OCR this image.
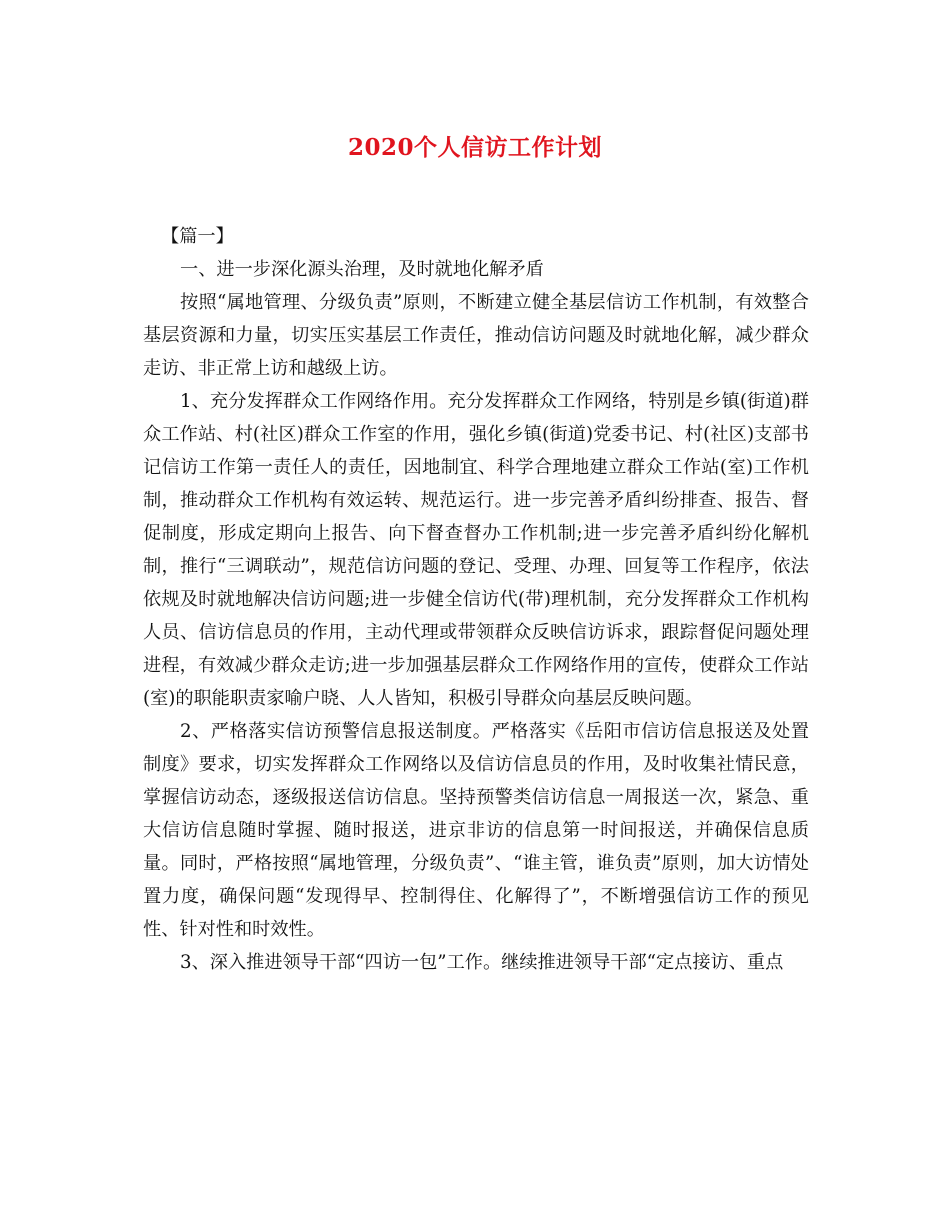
2020个人信访工作计划

【篇一】

一、进一步深化源头治理，及时就地化解矛盾

按照“属地管理、分级负责”原则，不断建立健全基层信访工作机制，有效整合基层资源和力量，切实压实基层工作责任，推动信访问题及时就地化解，减少群众走访、非正常上访和越级上访。

1、充分发挥群众工作网络作用。充分发挥群众工作网络，特别是乡镇(街道)群众工作站、村(社区)群众工作室的作用，强化乡镇(街道)党委书记、村(社区)支部书记信访工作第一责任人的责任，因地制宜、科学合理地建立群众工作站(室)工作机制，推动群众工作机构有效运转、规范运行。进一步完善矛盾纠纷排查、报告、督促制度，形成定期向上报告、向下督查督办工作机制;进一步完善矛盾纠纷化解机制，推行“三调联动”，规范信访问题的登记、受理、办理、回复等工作程序，依法依规及时就地解决信访问题;进一步健全信访代(带)理机制，充分发挥群众工作机构人员、信访信息员的作用，主动代理或带领群众反映信访诉求，跟踪督促问题处理进程，有效减少群众走访;进一步加强基层群众工作网络作用的宣传，使群众工作站(室)的职能职责家喻户晓、人人皆知，积极引导群众向基层反映问题。

2、严格落实信访预警信息报送制度。严格落实《岳阳市信访信息报送及处置制度》要求，切实发挥群众工作网络以及信访信息员的作用，及时收集社情民意，掌握信访动态，逐级报送信访信息。坚持预警类信访信息一周报送一次，紧急、重大信访信息随时掌握、随时报送，进京非访的信息第一时间报送，并确保信息质量。同时，严格按照“属地管理，分级负责”、“谁主管，谁负责”原则，加大访情处置力度，确保问题“发现得早、控制得住、化解得了”，不断增强信访工作的预见性、针对性和时效性。

3、深入推进领导干部“四访一包”工作。继续推进领导干部“定点接访、重点
